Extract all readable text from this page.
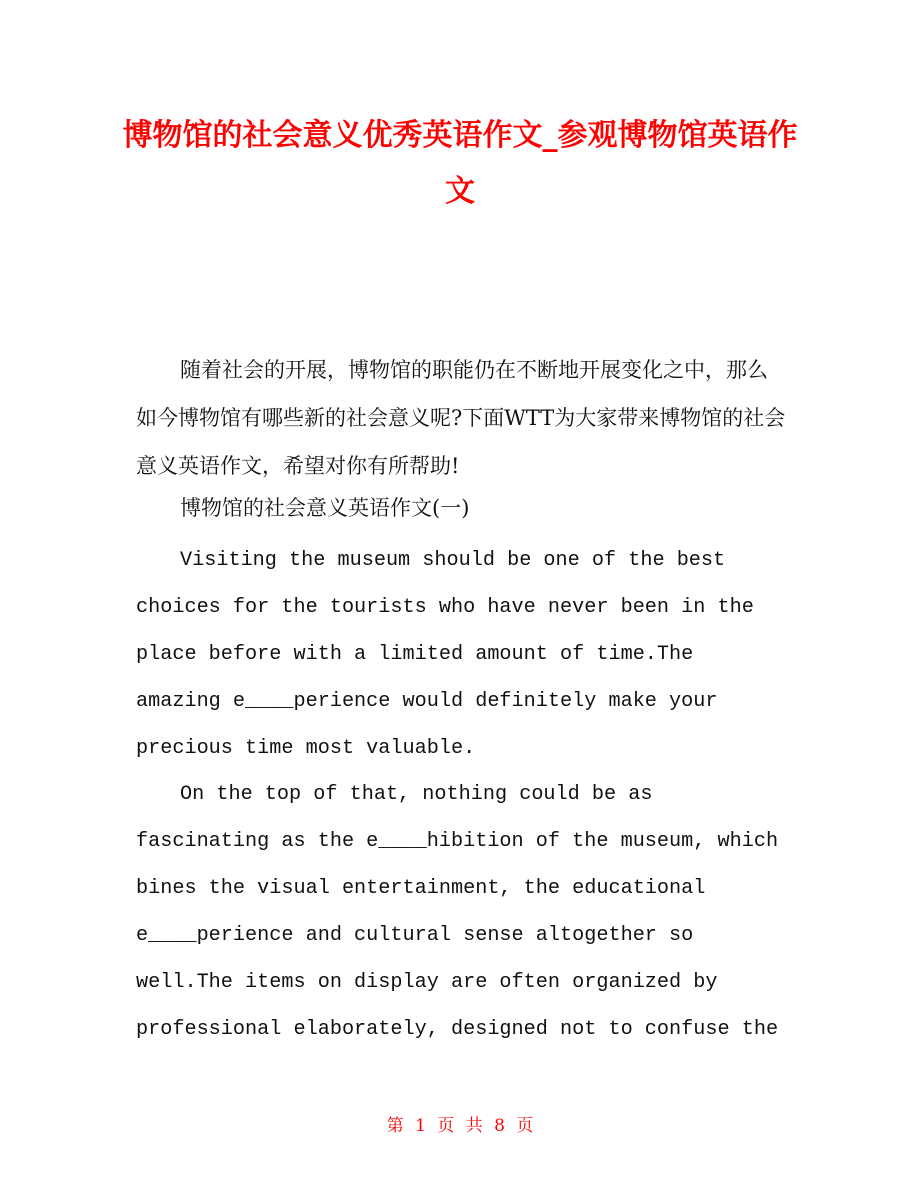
博物馆的社会意义优秀英语作文_参观博物馆英语作文
随着社会的开展，博物馆的职能仍在不断地开展变化之中，那么如今博物馆有哪些新的社会意义呢?下面WTT为大家带来博物馆的社会意义英语作文，希望对你有所帮助!
博物馆的社会意义英语作文(一)
Visiting the museum should be one of the best choices for the tourists who have never been in the place before with a limited amount of time.The amazing e____perience would definitely make your precious time most valuable.
On the top of that, nothing could be as fascinating as the e____hibition of the museum, which bines the visual entertainment, the educational e____perience and cultural sense altogether so well.The items on display are often organized by professional elaborately, designed not to confuse the
第 1 页 共 8 页
